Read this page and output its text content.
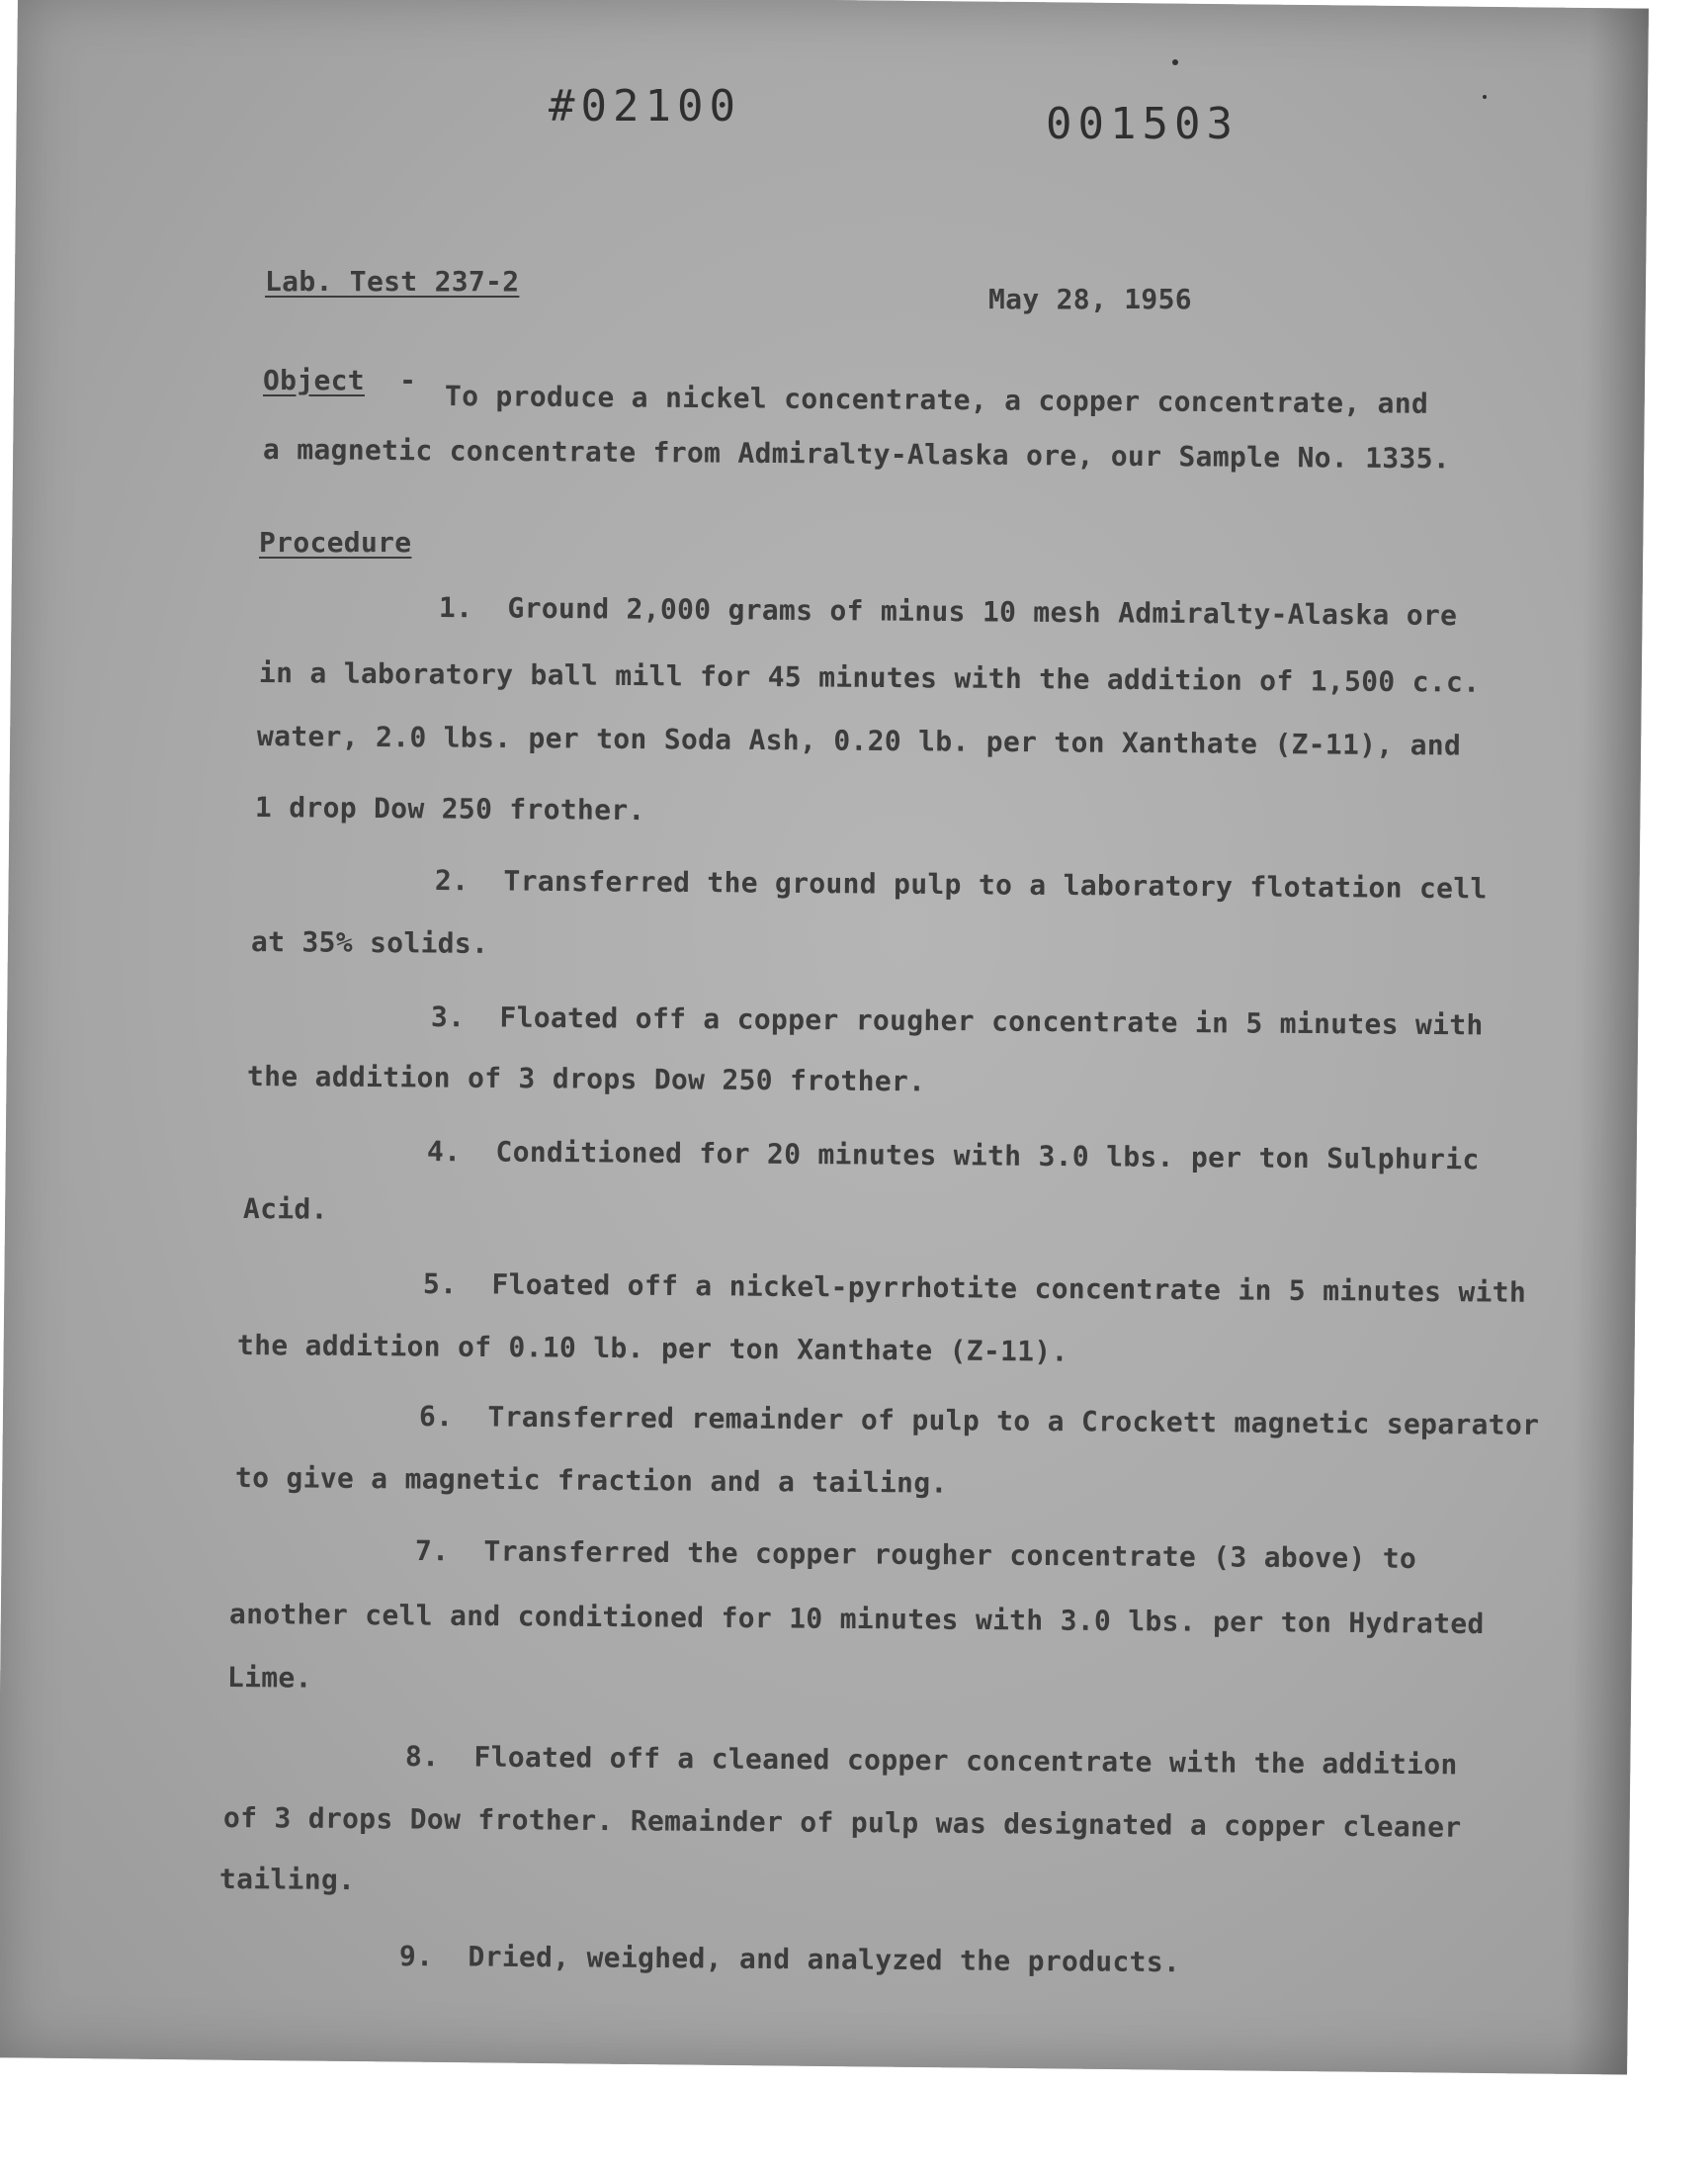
#02100	001503
Lab. Test 237-2
May 28, 1956
Object - To produce a nickel concentrate, a copper concentrate, and
a magnetic concentrate from Admiralty-Alaska ore, our Sample No. 1335.
Procedure
1. Ground 2,000 grams of minus 10 mesh Admiralty-Alaska ore
in a laboratory ball mill for 45 minutes with the addition of 1,500 c.c.
water, 2.0 lbs. per ton Soda Ash, 0.20 lb. per ton Xanthate (Z-11), and
1 drop Dow 250 frother.
2. Transferred the ground pulp to a laboratory flotation cell
at 35% solids.
3. Floated off a copper rougher concentrate in 5 minutes with
the addition of 3 drops Dow 250 frother.
4. Conditioned for 20 minutes with 3.0 lbs. per ton Sulphuric
Acid.
5. Floated off a nickel-pyrrhotite concentrate in 5 minutes with
the addition of 0.10 lb. per ton Xanthate (Z-11).
6. Transferred remainder of pulp to a Crockett magnetic separator
to give a magnetic fraction and a tailing.
7. Transferred the copper rougher concentrate (3 above) to
another cell and conditioned for 10 minutes with 3.0 lbs. per ton Hydrated
Lime.
8. Floated off a cleaned copper concentrate with the addition
of 3 drops Dow frother. Remainder of pulp was designated a copper cleaner
tailing.
9. Dried, weighed, and analyzed the products.
